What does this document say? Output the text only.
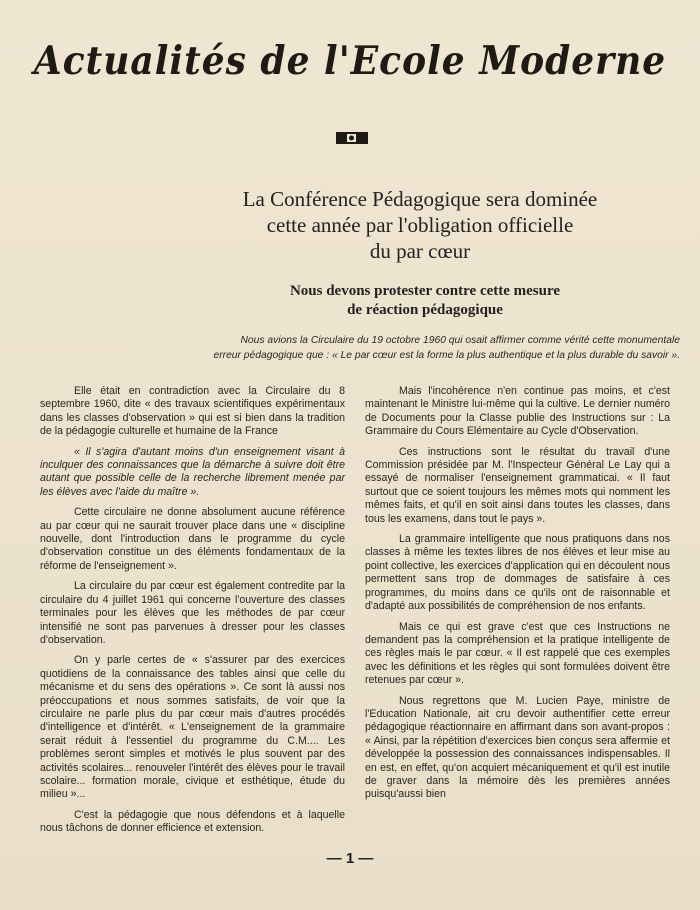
Actualités de l'Ecole Moderne
La Conférence Pédagogique sera dominée
cette année par l'obligation officielle
du par cœur
Nous devons protester contre cette mesure
de réaction pédagogique
Nous avions la Circulaire du 19 octobre 1960 qui osait affirmer comme vérité cette monumentale
erreur pédagogique que : « Le par cœur est la forme la plus authentique et la plus durable du savoir ».

Elle était en contradiction avec la Circulaire du 8 septembre 1960, dite « des travaux scientifiques expérimentaux dans les classes d'observation » qui est si bien dans la tradition de la pédagogie culturelle et humaine de la France

« Il s'agira d'autant moins d'un enseignement visant à inculquer des connaissances que la démarche à suivre doit être autant que possible celle de la recherche librement menée par les élèves avec l'aide du maître ».

Cette circulaire ne donne absolument aucune référence au par cœur qui ne saurait trouver place dans une « discipline nouvelle, dont l'introduction dans le programme du cycle d'observation constitue un des éléments fondamentaux de la réforme de l'enseignement ».

La circulaire du par cœur est également contredite par la circulaire du 4 juillet 1961 qui concerne l'ouverture des classes terminales pour les élèves que les méthodes de par cœur intensifié ne sont pas parvenues à dresser pour les classes d'observation.

On y parle certes de « s'assurer par des exercices quotidiens de la connaissance des tables ainsi que celle du mécanisme et du sens des opérations ». Ce sont là aussi nos préoccupations et nous sommes satisfaits, de voir que la circulaire ne parle plus du par cœur mais d'autres procédés d'intelligence et d'intérêt. « L'enseignement de la grammaire serait réduit à l'essentiel du programme du C.M.... Les problèmes seront simples et motivés le plus souvent par des activités scolaires... renouveler l'intérêt des élèves pour le travail scolaire... formation morale, civique et esthétique, étude du milieu »...

C'est la pédagogie que nous défendons et à laquelle nous tâchons de donner efficience et extension.

Mais l'incohérence n'en continue pas moins, et c'est maintenant le Ministre lui-même qui la cultive. Le dernier numéro de Documents pour la Classe publie des Instructions sur : La Grammaire du Cours Elémentaire au Cycle d'Observation.

Ces instructions sont le résultat du travail d'une Commission présidée par M. l'Inspecteur Général Le Lay qui a essayé de normaliser l'enseignement grammaticai. « Il faut surtout que ce soient toujours les mêmes mots qui nomment les mêmes faits, et qu'il en soit ainsi dans toutes les classes, dans tous les examens, dans tout le pays ».

La grammaire intelligente que nous pratiquons dans nos classes à même les textes libres de nos élèves et leur mise au point collective, les exercices d'application qui en découlent nous permettent sans trop de dommages de satisfaire à ces programmes, du moins dans ce qu'ils ont de raisonnable et d'adapté aux possibilités de compréhension de nos enfants.

Mais ce qui est grave c'est que ces Instructions ne demandent pas la compréhension et la pratique intelligente de ces règles mais le par cœur. « Il est rappelé que ces exemples avec les définitions et les règles qui sont formulées doivent être retenues par cœur ».

Nous regrettons que M. Lucien Paye, ministre de l'Education Nationale, ait cru devoir authentifier cette erreur pédagogique réactionnaire en affirmant dans son avant-propos : « Ainsi, par la répétition d'exercices bien conçus sera affermie et développée la possession des connaissances indispensables. Il en est, en effet, qu'on acquiert mécaniquement et qu'il est inutile de graver dans la mémoire dès les premières années puisqu'aussi bien

— 1 —
